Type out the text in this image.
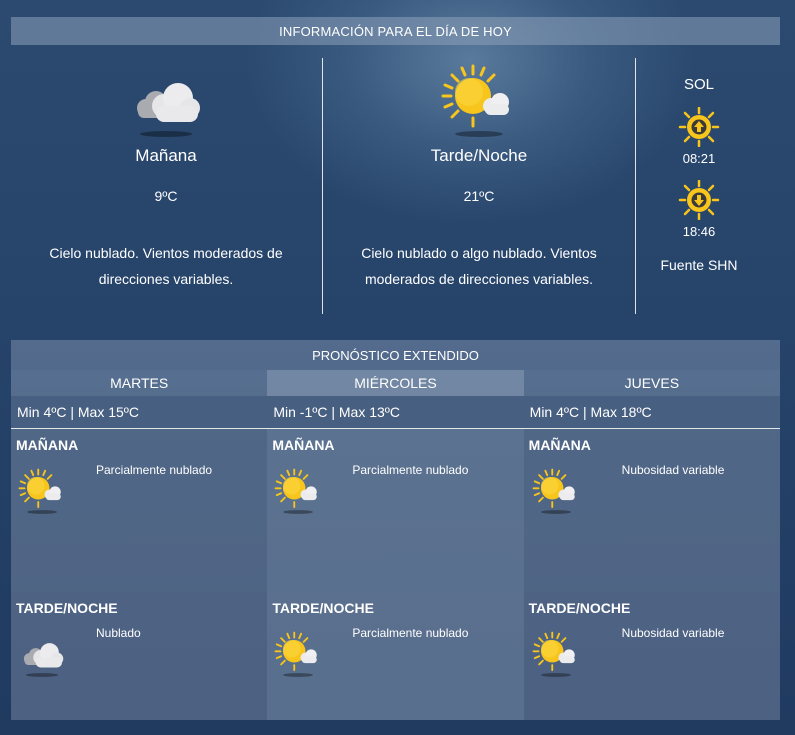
INFORMACIÓN PARA EL DÍA DE HOY
Mañana
9ºC
Cielo nublado. Vientos moderados de direcciones variables.
Tarde/Noche
21ºC
Cielo nublado o algo nublado. Vientos moderados de direcciones variables.
SOL
08:21
18:46
Fuente SHN
PRONÓSTICO EXTENDIDO
MARTES
Min 4ºC | Max 15ºC
MAÑANA
Parcialmente nublado
TARDE/NOCHE
Nublado
MIÉRCOLES
Min -1ºC | Max 13ºC
MAÑANA
Parcialmente nublado
TARDE/NOCHE
Parcialmente nublado
JUEVES
Min 4ºC | Max 18ºC
MAÑANA
Nubosidad variable
TARDE/NOCHE
Nubosidad variable
